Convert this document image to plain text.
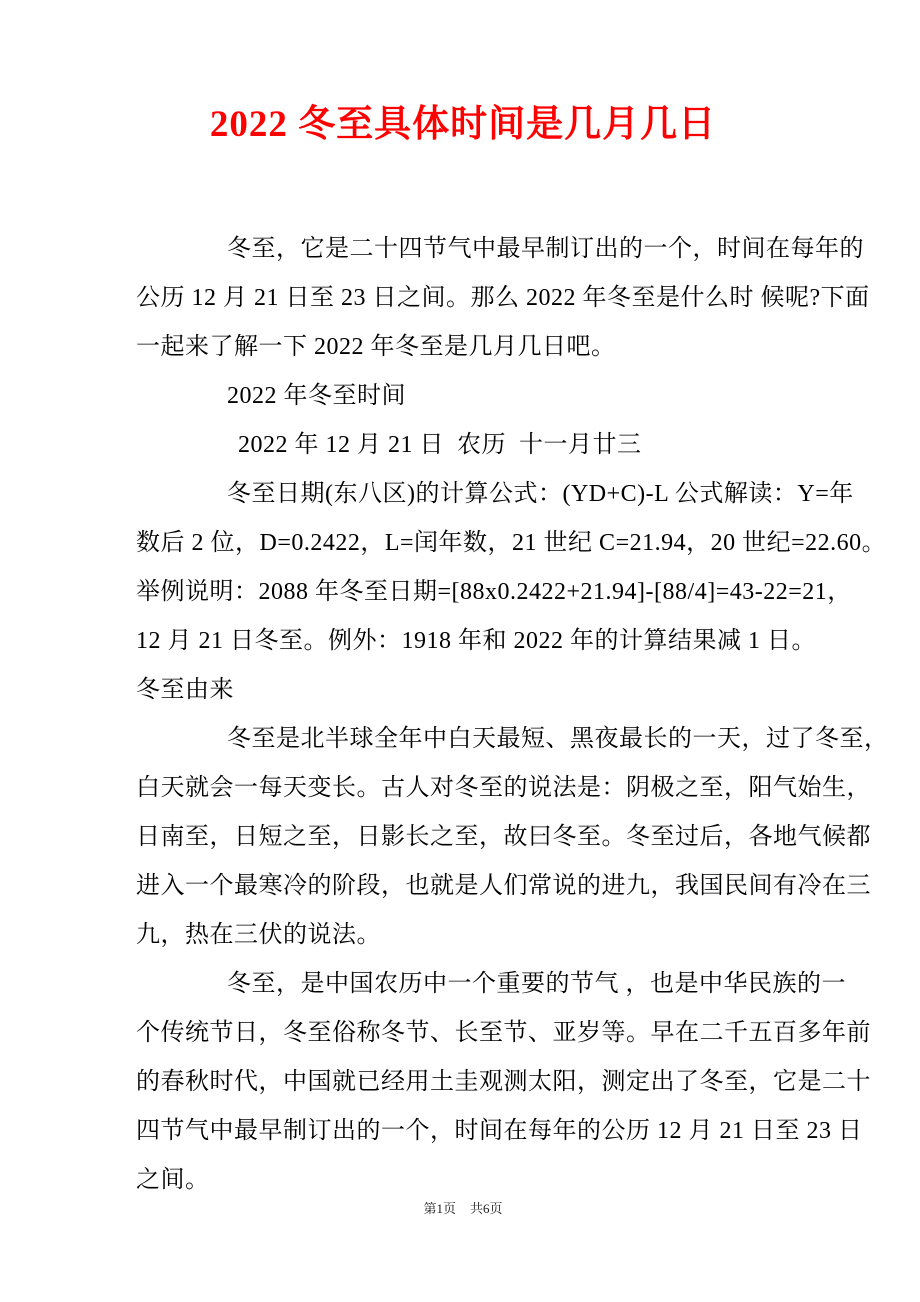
2022 冬至具体时间是几月几日
冬至，它是二十四节气中最早制订出的一个，时间在每年的
公历 12 月 21 日至 23 日之间。那么 2022 年冬至是什么时 候呢?下面
一起来了解一下 2022 年冬至是几月几日吧。
2022 年冬至时间
2022 年 12 月 21 日  农历  十一月廿三
冬至日期(东八区)的计算公式：(YD+C)-L 公式解读：Y=年
数后 2 位，D=0.2422，L=闰年数，21 世纪 C=21.94，20 世纪=22.60。
举例说明：2088 年冬至日期=[88x0.2422+21.94]-[88/4]=43-22=21，
12 月 21 日冬至。例外：1918 年和 2022 年的计算结果减 1 日。
冬至由来
冬至是北半球全年中白天最短、黑夜最长的一天，过了冬至，
白天就会一每天变长。古人对冬至的说法是：阴极之至，阳气始生，
日南至，日短之至，日影长之至，故曰冬至。冬至过后，各地气候都
进入一个最寒冷的阶段，也就是人们常说的进九，我国民间有冷在三
九，热在三伏的说法。
冬至，是中国农历中一个重要的节气 ，也是中华民族的一
个传统节日，冬至俗称冬节、长至节、亚岁等。早在二千五百多年前
的春秋时代，中国就已经用土圭观测太阳，测定出了冬至，它是二十
四节气中最早制订出的一个，时间在每年的公历 12 月 21 日至 23 日
之间。
第1页 共6页
